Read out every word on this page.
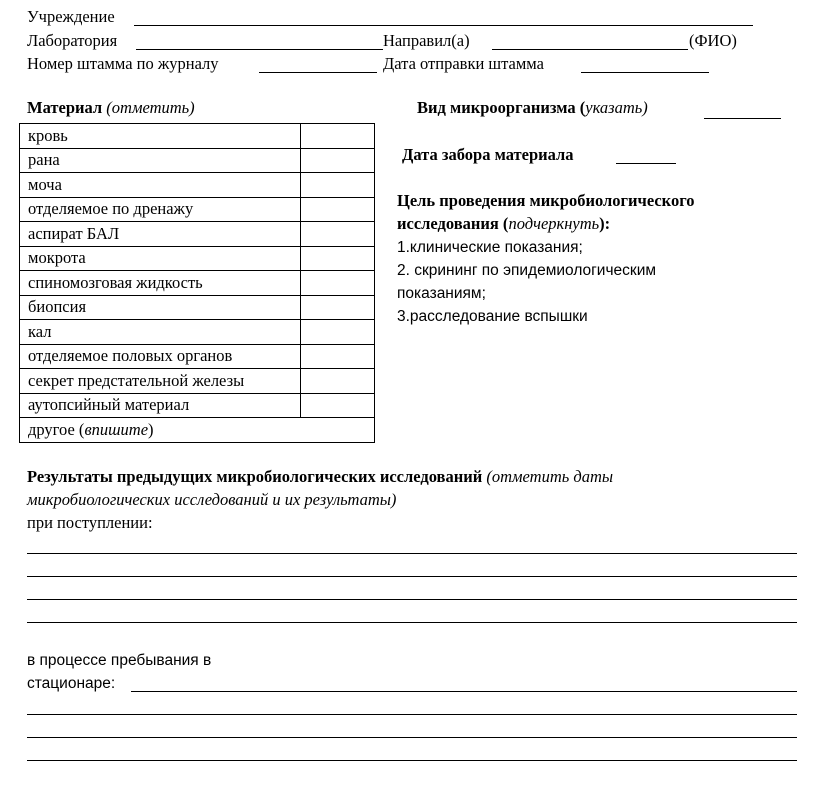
Учреждение
Лаборатория	Направил(а)	(ФИО)
Номер штамма по журналу	Дата отправки штамма
Материал (отметить)
кровь	
рана	
моча	
отделяемое по дренажу	
аспират БАЛ	
мокрота	
спиномозговая жидкость	
биопсия	
кал	
отделяемое половых органов	
секрет предстательной железы	
аутопсийный материал	
другое (впишите)	
Вид микроорганизма (указать)
Дата забора материала
Цель проведения микробиологического
исследования (подчеркнуть):
1.клинические показания;
2. скрининг по эпидемиологическим
показаниям;
3.расследование вспышки
Результаты предыдущих микробиологических исследований (отметить даты
микробиологических исследований и их результаты)
при поступлении:
в процессе пребывания в
стационаре:
